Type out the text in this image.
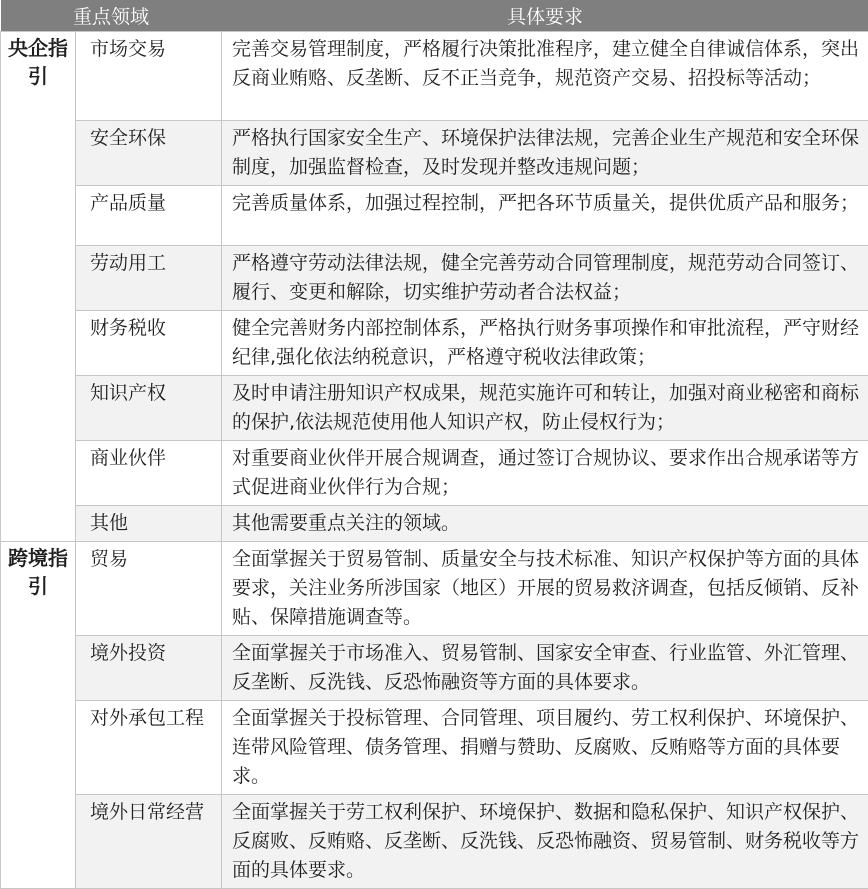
重点领域		具体要求
央企指引	市场交易	完善交易管理制度，严格履行决策批准程序，建立健全自律诚信体系，突出反商业贿赂、反垄断、反不正当竞争，规范资产交易、招投标等活动；
	安全环保	严格执行国家安全生产、环境保护法律法规，完善企业生产规范和安全环保制度，加强监督检查，及时发现并整改违规问题；
	产品质量	完善质量体系，加强过程控制，严把各环节质量关，提供优质产品和服务；
	劳动用工	严格遵守劳动法律法规，健全完善劳动合同管理制度，规范劳动合同签订、履行、变更和解除，切实维护劳动者合法权益；
	财务税收	健全完善财务内部控制体系，严格执行财务事项操作和审批流程，严守财经纪律,强化依法纳税意识，严格遵守税收法律政策；
	知识产权	及时申请注册知识产权成果，规范实施许可和转让，加强对商业秘密和商标的保护,依法规范使用他人知识产权，防止侵权行为；
	商业伙伴	对重要商业伙伴开展合规调查，通过签订合规协议、要求作出合规承诺等方式促进商业伙伴行为合规；
	其他	其他需要重点关注的领域。
跨境指引	贸易	全面掌握关于贸易管制、质量安全与技术标准、知识产权保护等方面的具体要求，关注业务所涉国家（地区）开展的贸易救济调查，包括反倾销、反补贴、保障措施调查等。
	境外投资	全面掌握关于市场准入、贸易管制、国家安全审查、行业监管、外汇管理、反垄断、反洗钱、反恐怖融资等方面的具体要求。
	对外承包工程	全面掌握关于投标管理、合同管理、项目履约、劳工权利保护、环境保护、连带风险管理、债务管理、捐赠与赞助、反腐败、反贿赂等方面的具体要求。
	境外日常经营	全面掌握关于劳工权利保护、环境保护、数据和隐私保护、知识产权保护、反腐败、反贿赂、反垄断、反洗钱、反恐怖融资、贸易管制、财务税收等方面的具体要求。
